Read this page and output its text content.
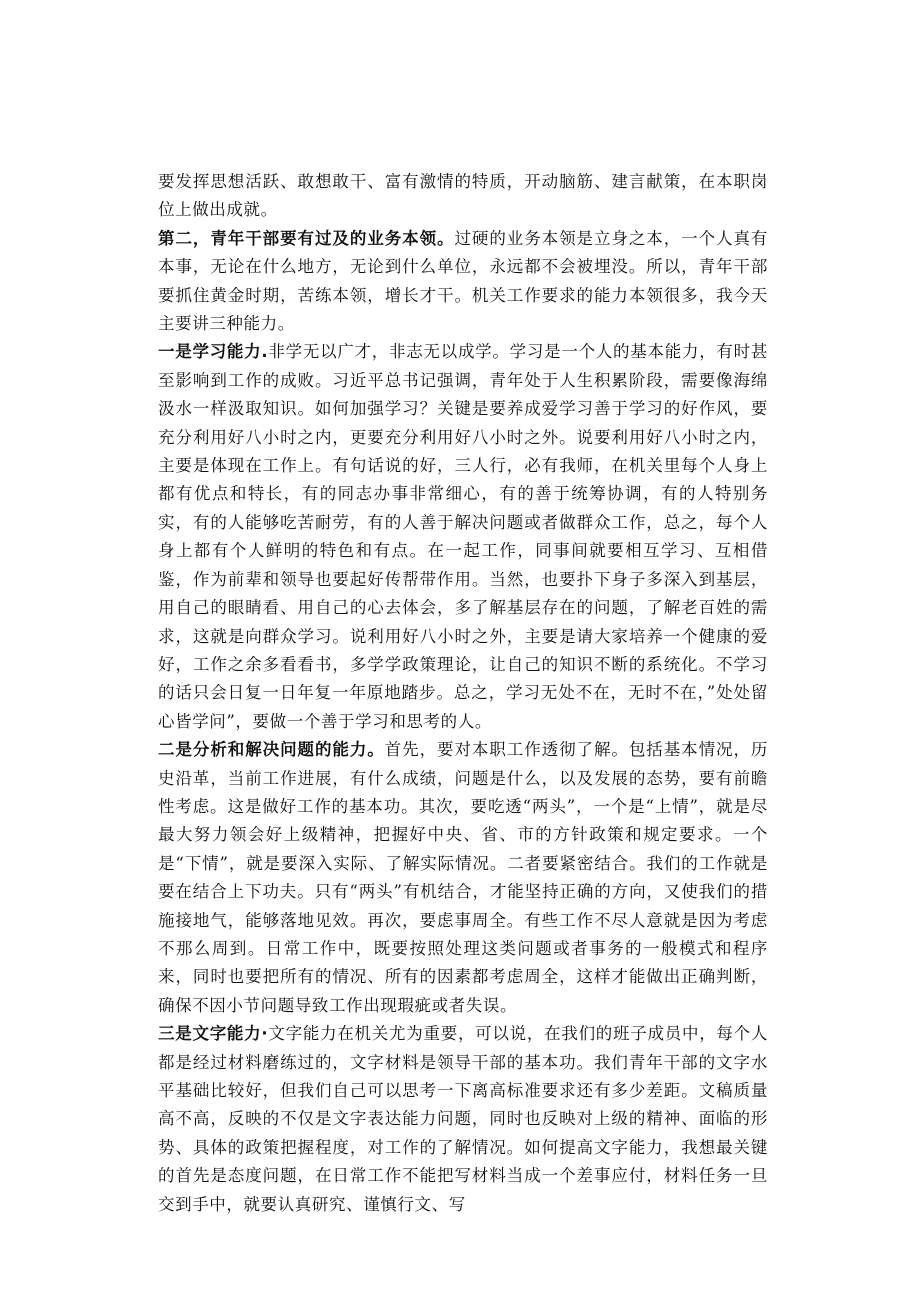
要发挥思想活跃、敢想敢干、富有激情的特质，开动脑筋、建言献策，在本职岗位上做出成就。

第二，青年干部要有过及的业务本领。过硬的业务本领是立身之本，一个人真有本事，无论在什么地方，无论到什么单位，永远都不会被埋没。所以，青年干部要抓住黄金时期，苦练本领，增长才干。机关工作要求的能力本领很多，我今天主要讲三种能力。

一是学习能力.非学无以广才，非志无以成学。学习是一个人的基本能力，有时甚至影响到工作的成败。习近平总书记强调，青年处于人生积累阶段，需要像海绵汲水一样汲取知识。如何加强学习？关键是要养成爱学习善于学习的好作风，要充分利用好八小时之内，更要充分利用好八小时之外。说要利用好八小时之内，主要是体现在工作上。有句话说的好，三人行，必有我师，在机关里每个人身上都有优点和特长，有的同志办事非常细心，有的善于统筹协调，有的人特别务实，有的人能够吃苦耐劳，有的人善于解决问题或者做群众工作，总之，每个人身上都有个人鲜明的特色和有点。在一起工作，同事间就要相互学习、互相借鉴，作为前辈和领导也要起好传帮带作用。当然，也要扑下身子多深入到基层，用自己的眼睛看、用自己的心去体会，多了解基层存在的问题，了解老百姓的需求，这就是向群众学习。说利用好八小时之外，主要是请大家培养一个健康的爱好，工作之余多看看书，多学学政策理论，让自己的知识不断的系统化。不学习的话只会日复一日年复一年原地踏步。总之，学习无处不在，无时不在，”处处留心皆学问”，要做一个善于学习和思考的人。

二是分析和解决问题的能力。首先，要对本职工作透彻了解。包括基本情况，历史沿革，当前工作进展，有什么成绩，问题是什么，以及发展的态势，要有前瞻性考虑。这是做好工作的基本功。其次，要吃透“两头”，一个是“上情”，就是尽最大努力领会好上级精神，把握好中央、省、市的方针政策和规定要求。一个是“下情”，就是要深入实际、了解实际情况。二者要紧密结合。我们的工作就是要在结合上下功夫。只有“两头”有机结合，才能坚持正确的方向，又使我们的措施接地气，能够落地见效。再次，要虑事周全。有些工作不尽人意就是因为考虑不那么周到。日常工作中，既要按照处理这类问题或者事务的一般模式和程序来，同时也要把所有的情况、所有的因素都考虑周全，这样才能做出正确判断，确保不因小节问题导致工作出现瑕疵或者失误。

三是文字能力·文字能力在机关尤为重要，可以说，在我们的班子成员中，每个人都是经过材料磨练过的，文字材料是领导干部的基本功。我们青年干部的文字水平基础比较好，但我们自己可以思考一下离高标准要求还有多少差距。文稿质量高不高，反映的不仅是文字表达能力问题，同时也反映对上级的精神、面临的形势、具体的政策把握程度，对工作的了解情况。如何提高文字能力，我想最关键的首先是态度问题，在日常工作不能把写材料当成一个差事应付，材料任务一旦交到手中，就要认真研究、谨慎行文、写
